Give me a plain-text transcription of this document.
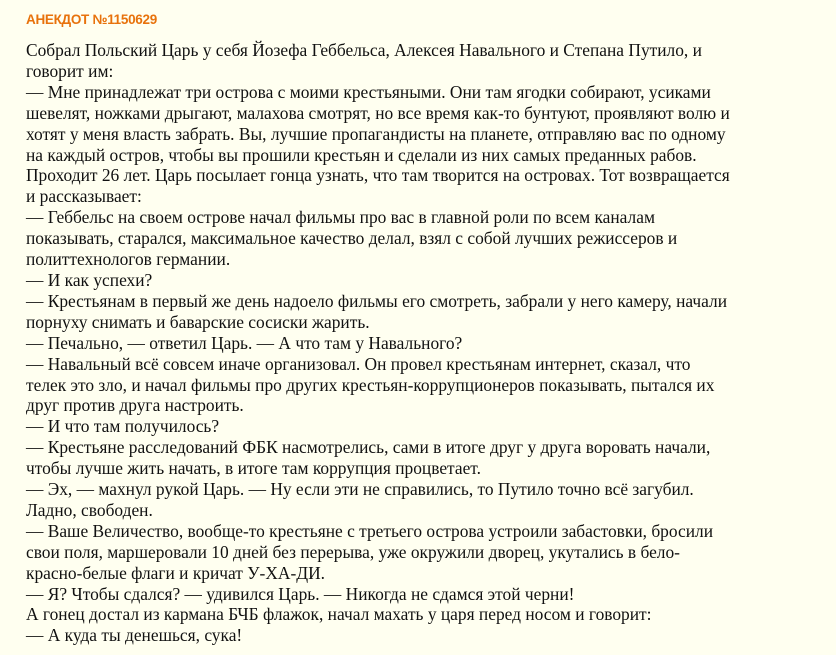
АНЕКДОТ №1150629
Собрал Польский Царь у себя Йозефа Геббельса, Алексея Навального и Степана Путило, и
говорит им:
— Мне принадлежат три острова с моими крестьяными. Они там ягодки собирают, усиками
шевелят, ножками дрыгают, малахова смотрят, но все время как-то бунтуют, проявляют волю и
хотят у меня власть забрать. Вы, лучшие пропагандисты на планете, отправляю вас по одному
на каждый остров, чтобы вы прошили крестьян и сделали из них самых преданных рабов.
Проходит 26 лет. Царь посылает гонца узнать, что там творится на островах. Тот возвращается
и рассказывает:
— Геббельс на своем острове начал фильмы про вас в главной роли по всем каналам
показывать, старался, максимальное качество делал, взял с собой лучших режиссеров и
политтехнологов германии.
— И как успехи?
— Крестьянам в первый же день надоело фильмы его смотреть, забрали у него камеру, начали
порнуху снимать и баварские сосиски жарить.
— Печально, — ответил Царь. — А что там у Навального?
— Навальный всё совсем иначе организовал. Он провел крестьянам интернет, сказал, что
телек это зло, и начал фильмы про других крестьян-коррупционеров показывать, пытался их
друг против друга настроить.
— И что там получилось?
— Крестьяне расследований ФБК насмотрелись, сами в итоге друг у друга воровать начали,
чтобы лучше жить начать, в итоге там коррупция процветает.
— Эх, — махнул рукой Царь. — Ну если эти не справились, то Путило точно всё загубил.
Ладно, свободен.
— Ваше Величество, вообще-то крестьяне с третьего острова устроили забастовки, бросили
свои поля, маршеровали 10 дней без перерыва, уже окружили дворец, укутались в бело-
красно-белые флаги и кричат У-ХА-ДИ.
— Я? Чтобы сдался? — удивился Царь. — Никогда не сдамся этой черни!
А гонец достал из кармана БЧБ флажок, начал махать у царя перед носом и говорит:
— А куда ты денешься, сука!
